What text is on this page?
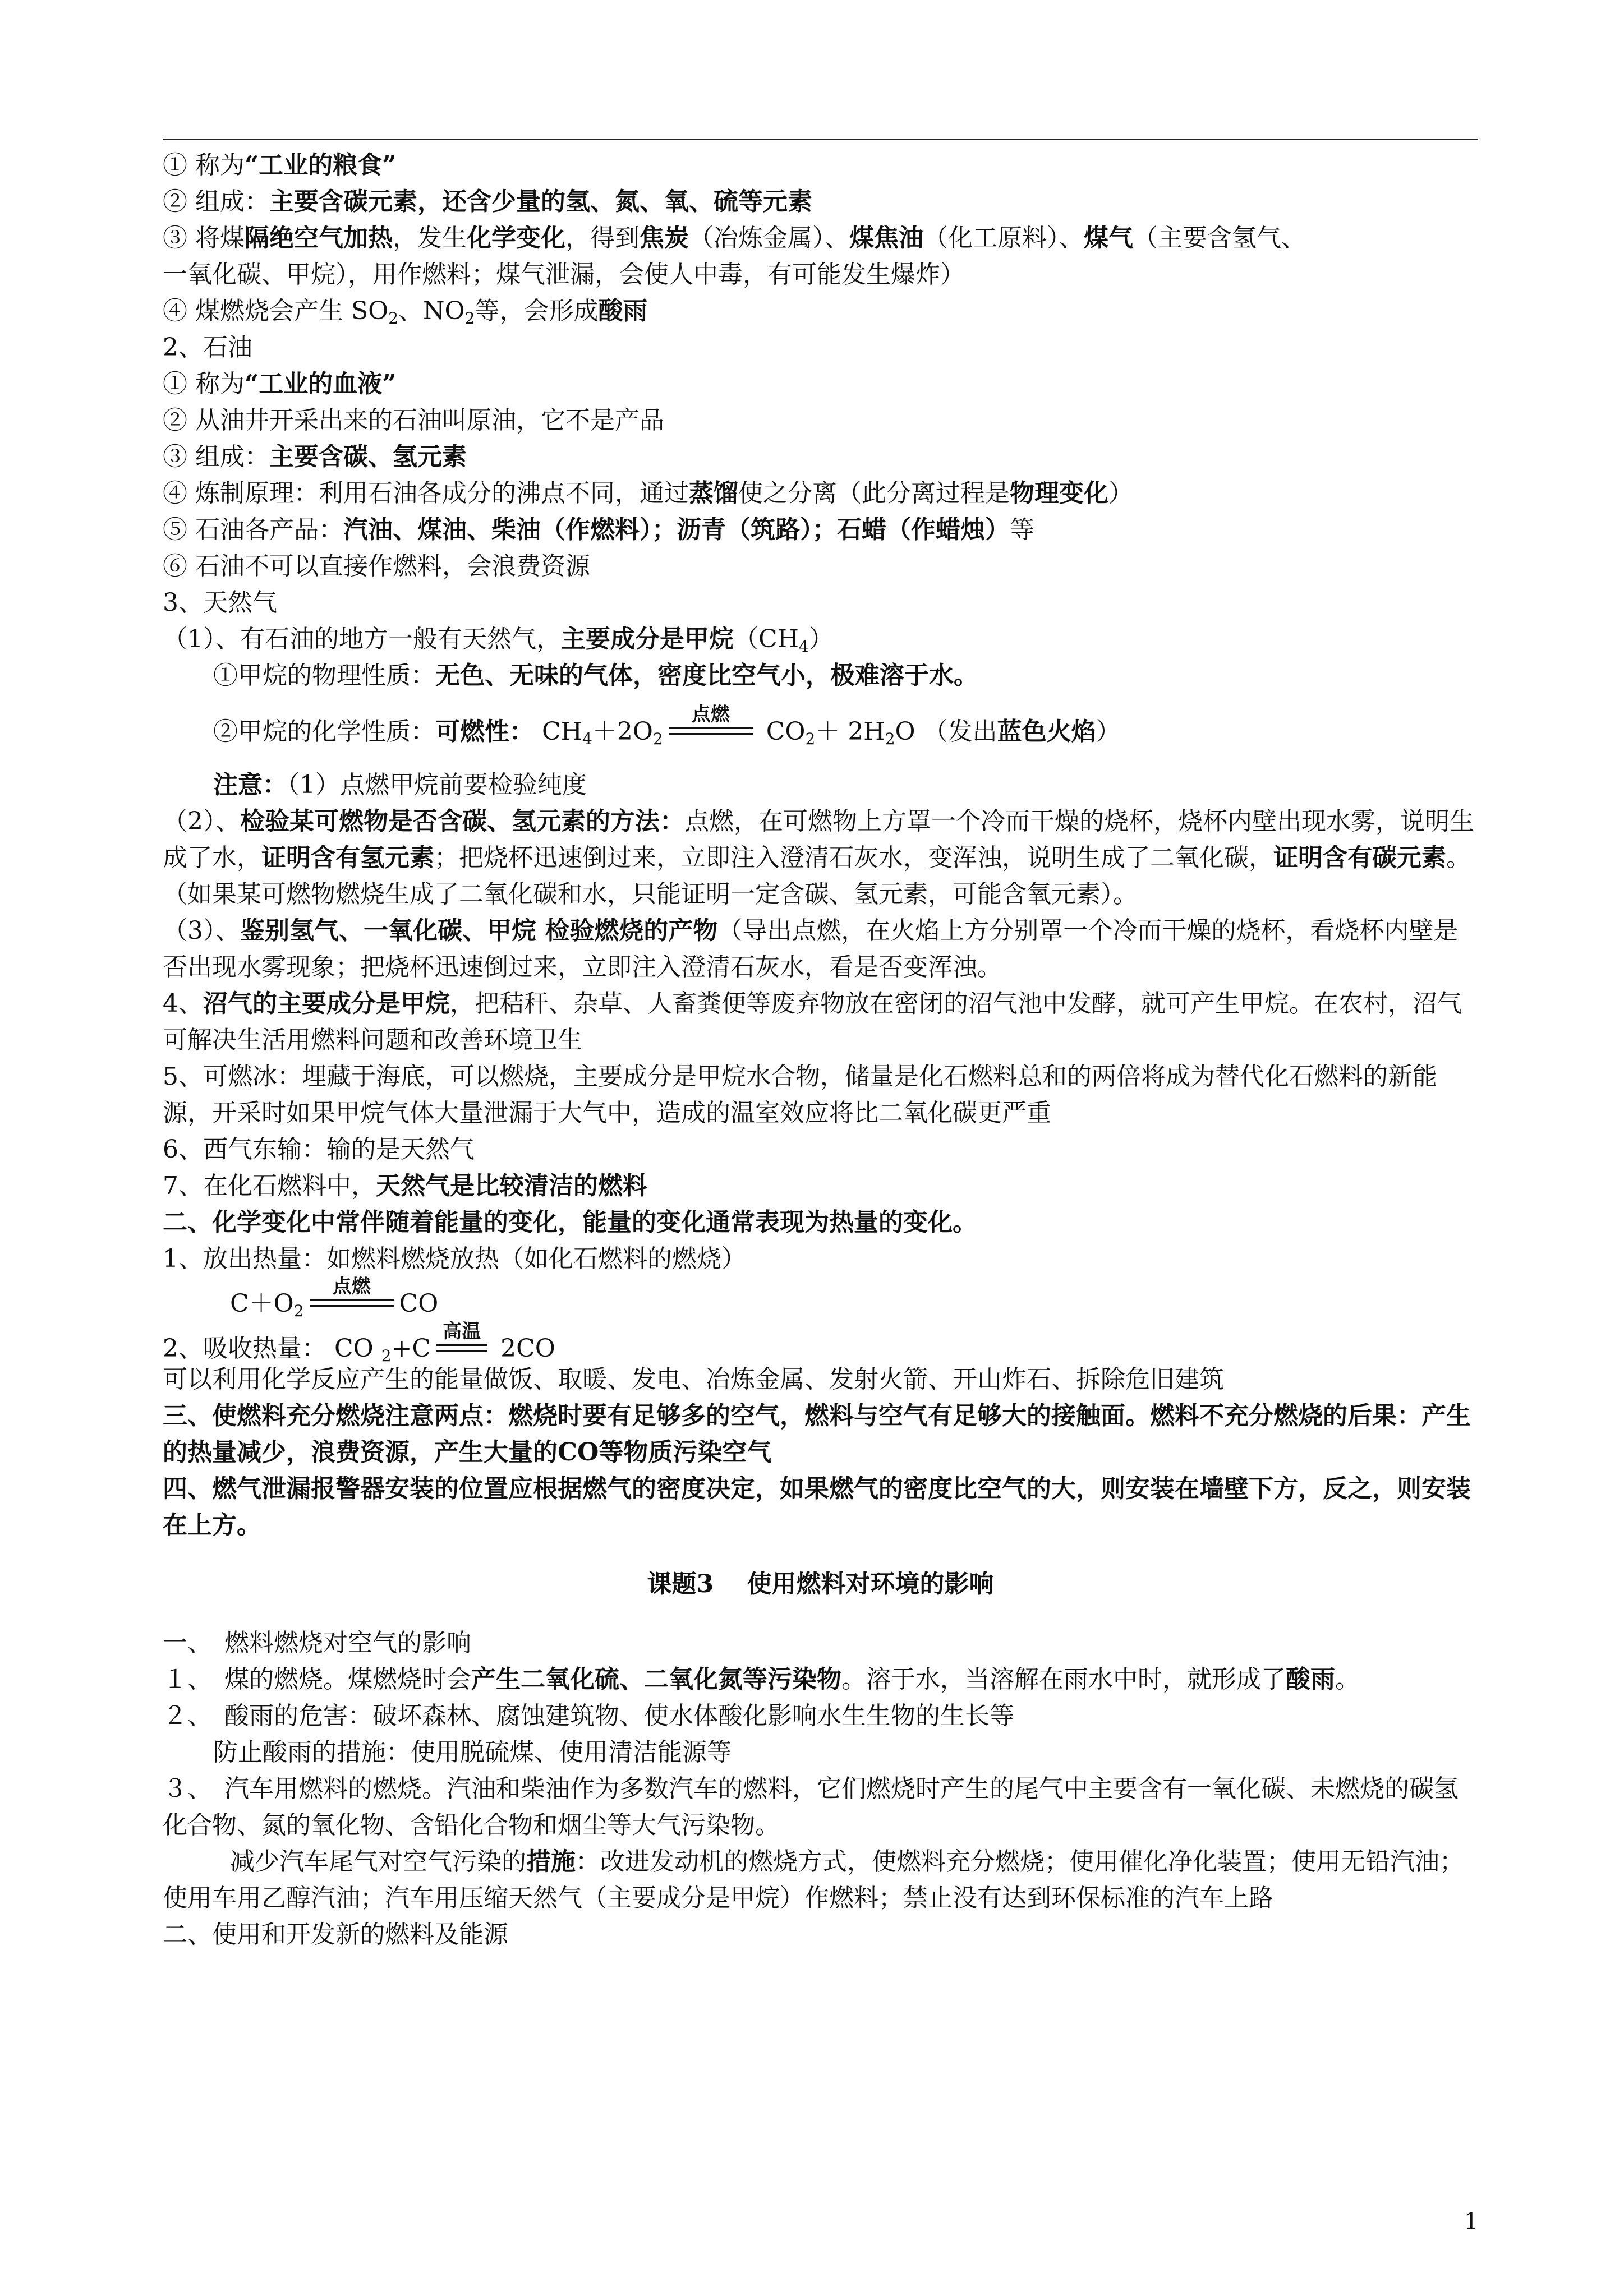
① 称为“工业的粮食”
② 组成：主要含碳元素，还含少量的氢、氮、氧、硫等元素
③ 将煤隔绝空气加热，发生化学变化，得到焦炭（冶炼金属）、煤焦油（化工原料）、煤气（主要含氢气、
一氧化碳、甲烷），用作燃料；煤气泄漏，会使人中毒，有可能发生爆炸）
④ 煤燃烧会产生 $SO_2$、$NO_2$等，会形成酸雨
2、石油
① 称为“工业的血液”
② 从油井开采出来的石油叫原油，它不是产品
③ 组成：主要含碳、氢元素
④ 炼制原理：利用石油各成分的沸点不同，通过蒸馏使之分离（此分离过程是物理变化）
⑤ 石油各产品：汽油、煤油、柴油（作燃料）；沥青（筑路）；石蜡（作蜡烛）等
⑥ 石油不可以直接作燃料，会浪费资源
3、天然气
（1）、有石油的地方一般有天然气，主要成分是甲烷$(CH_4)$
①甲烷的物理性质：无色、无味的气体，密度比空气小，极难溶于水。
②甲烷的化学性质：可燃性： $CH_4+2O_2$
点燃
$CO_2+ 2H_2O$ （发出蓝色火焰）
注意：（1）点燃甲烷前要检验纯度
（2）、检验某可燃物是否含碳、氢元素的方法：点燃，在可燃物上方罩一个冷而干燥的烧杯，烧杯内壁出现水雾，说明生成了水，证明含有氢元素；把烧杯迅速倒过来，立即注入澄清石灰水，变浑浊，说明生成了二氧化碳，证明含有碳元素。（如果某可燃物燃烧生成了二氧化碳和水，只能证明一定含碳、氢元素，可能含氧元素）。
（3）、鉴别氢气、一氧化碳、甲烷 检验燃烧的产物（导出点燃，在火焰上方分别罩一个冷而干燥的烧杯，看烧杯内壁是否出现水雾现象；把烧杯迅速倒过来，立即注入澄清石灰水，看是否变浑浊。
4、沼气的主要成分是甲烷，把秸秆、杂草、人畜粪便等废弃物放在密闭的沼气池中发酵，就可产生甲烷。在农村，沼气可解决生活用燃料问题和改善环境卫生
5、可燃冰：埋藏于海底，可以燃烧，主要成分是甲烷水合物，储量是化石燃料总和的两倍将成为替代化石燃料的新能源，开采时如果甲烷气体大量泄漏于大气中，造成的温室效应将比二氧化碳更严重
6、西气东输：输的是天然气
7、在化石燃料中，天然气是比较清洁的燃料
二、化学变化中常伴随着能量的变化，能量的变化通常表现为热量的变化。
1、放出热量：如燃料燃烧放热（如化石燃料的燃烧）
$C+O_2$
点燃
CO
2、吸收热量： CO $_2$+C
高温
2CO
可以利用化学反应产生的能量做饭、取暖、发电、冶炼金属、发射火箭、开山炸石、拆除危旧建筑
三、使燃料充分燃烧注意两点：燃烧时要有足够多的空气，燃料与空气有足够大的接触面。燃料不充分燃烧的后果：产生的热量减少，浪费资源，产生大量的CO等物质污染空气
四、燃气泄漏报警器安装的位置应根据燃气的密度决定，如果燃气的密度比空气的大，则安装在墙壁下方，反之，则安装在上方。
课题3　 使用燃料对环境的影响
一、　燃料燃烧对空气的影响
１、　煤的燃烧。煤燃烧时会产生二氧化硫、二氧化氮等污染物。溶于水，当溶解在雨水中时，就形成了酸雨。
２、　酸雨的危害：破坏森林、腐蚀建筑物、使水体酸化影响水生生物的生长等
防止酸雨的措施：使用脱硫煤、使用清洁能源等
３、　汽车用燃料的燃烧。汽油和柴油作为多数汽车的燃料，它们燃烧时产生的尾气中主要含有一氧化碳、未燃烧的碳氢化合物、氮的氧化物、含铅化合物和烟尘等大气污染物。
减少汽车尾气对空气污染的措施：改进发动机的燃烧方式，使燃料充分燃烧；使用催化净化装置；使用无铅汽油；使用车用乙醇汽油；汽车用压缩天然气（主要成分是甲烷）作燃料；禁止没有达到环保标准的汽车上路
二、使用和开发新的燃料及能源
1
